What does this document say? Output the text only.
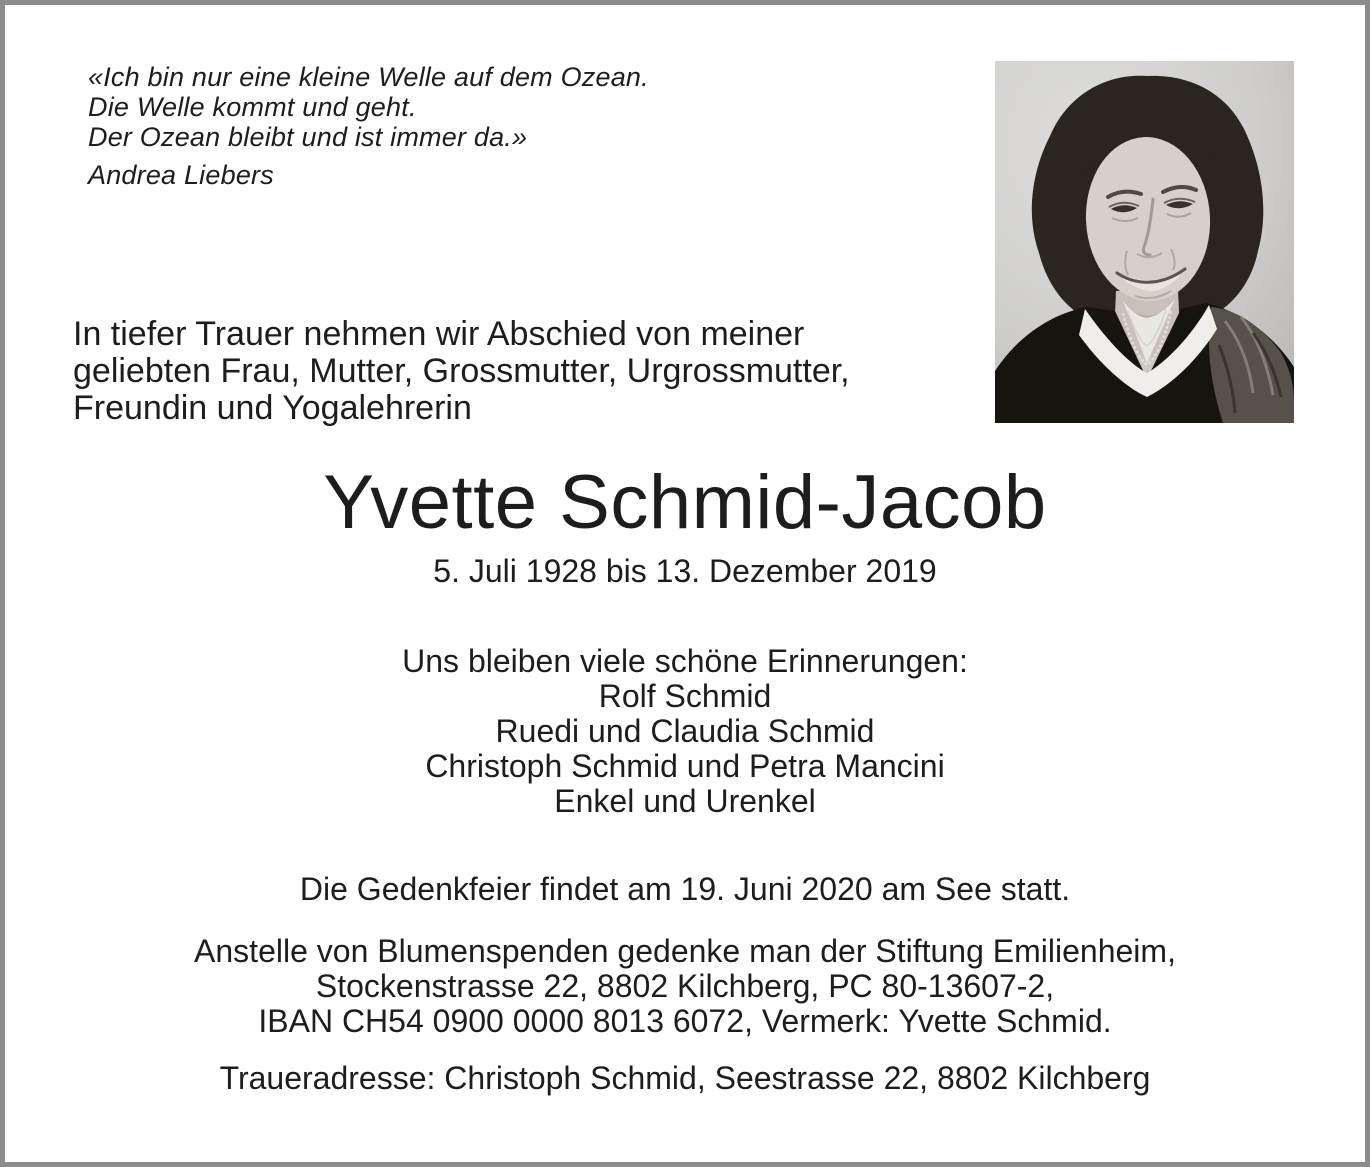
«Ich bin nur eine kleine Welle auf dem Ozean.
Die Welle kommt und geht.
Der Ozean bleibt und ist immer da.»
Andrea Liebers
In tiefer Trauer nehmen wir Abschied von meiner
geliebten Frau, Mutter, Grossmutter, Urgrossmutter,
Freundin und Yogalehrerin
Yvette Schmid-Jacob
5. Juli 1928 bis 13. Dezember 2019
Uns bleiben viele schöne Erinnerungen:
Rolf Schmid
Ruedi und Claudia Schmid
Christoph Schmid und Petra Mancini
Enkel und Urenkel
Die Gedenkfeier findet am 19. Juni 2020 am See statt.
Anstelle von Blumenspenden gedenke man der Stiftung Emilienheim,
Stockenstrasse 22, 8802 Kilchberg, PC 80-13607-2,
IBAN CH54 0900 0000 8013 6072, Vermerk: Yvette Schmid.
Traueradresse: Christoph Schmid, Seestrasse 22, 8802 Kilchberg
